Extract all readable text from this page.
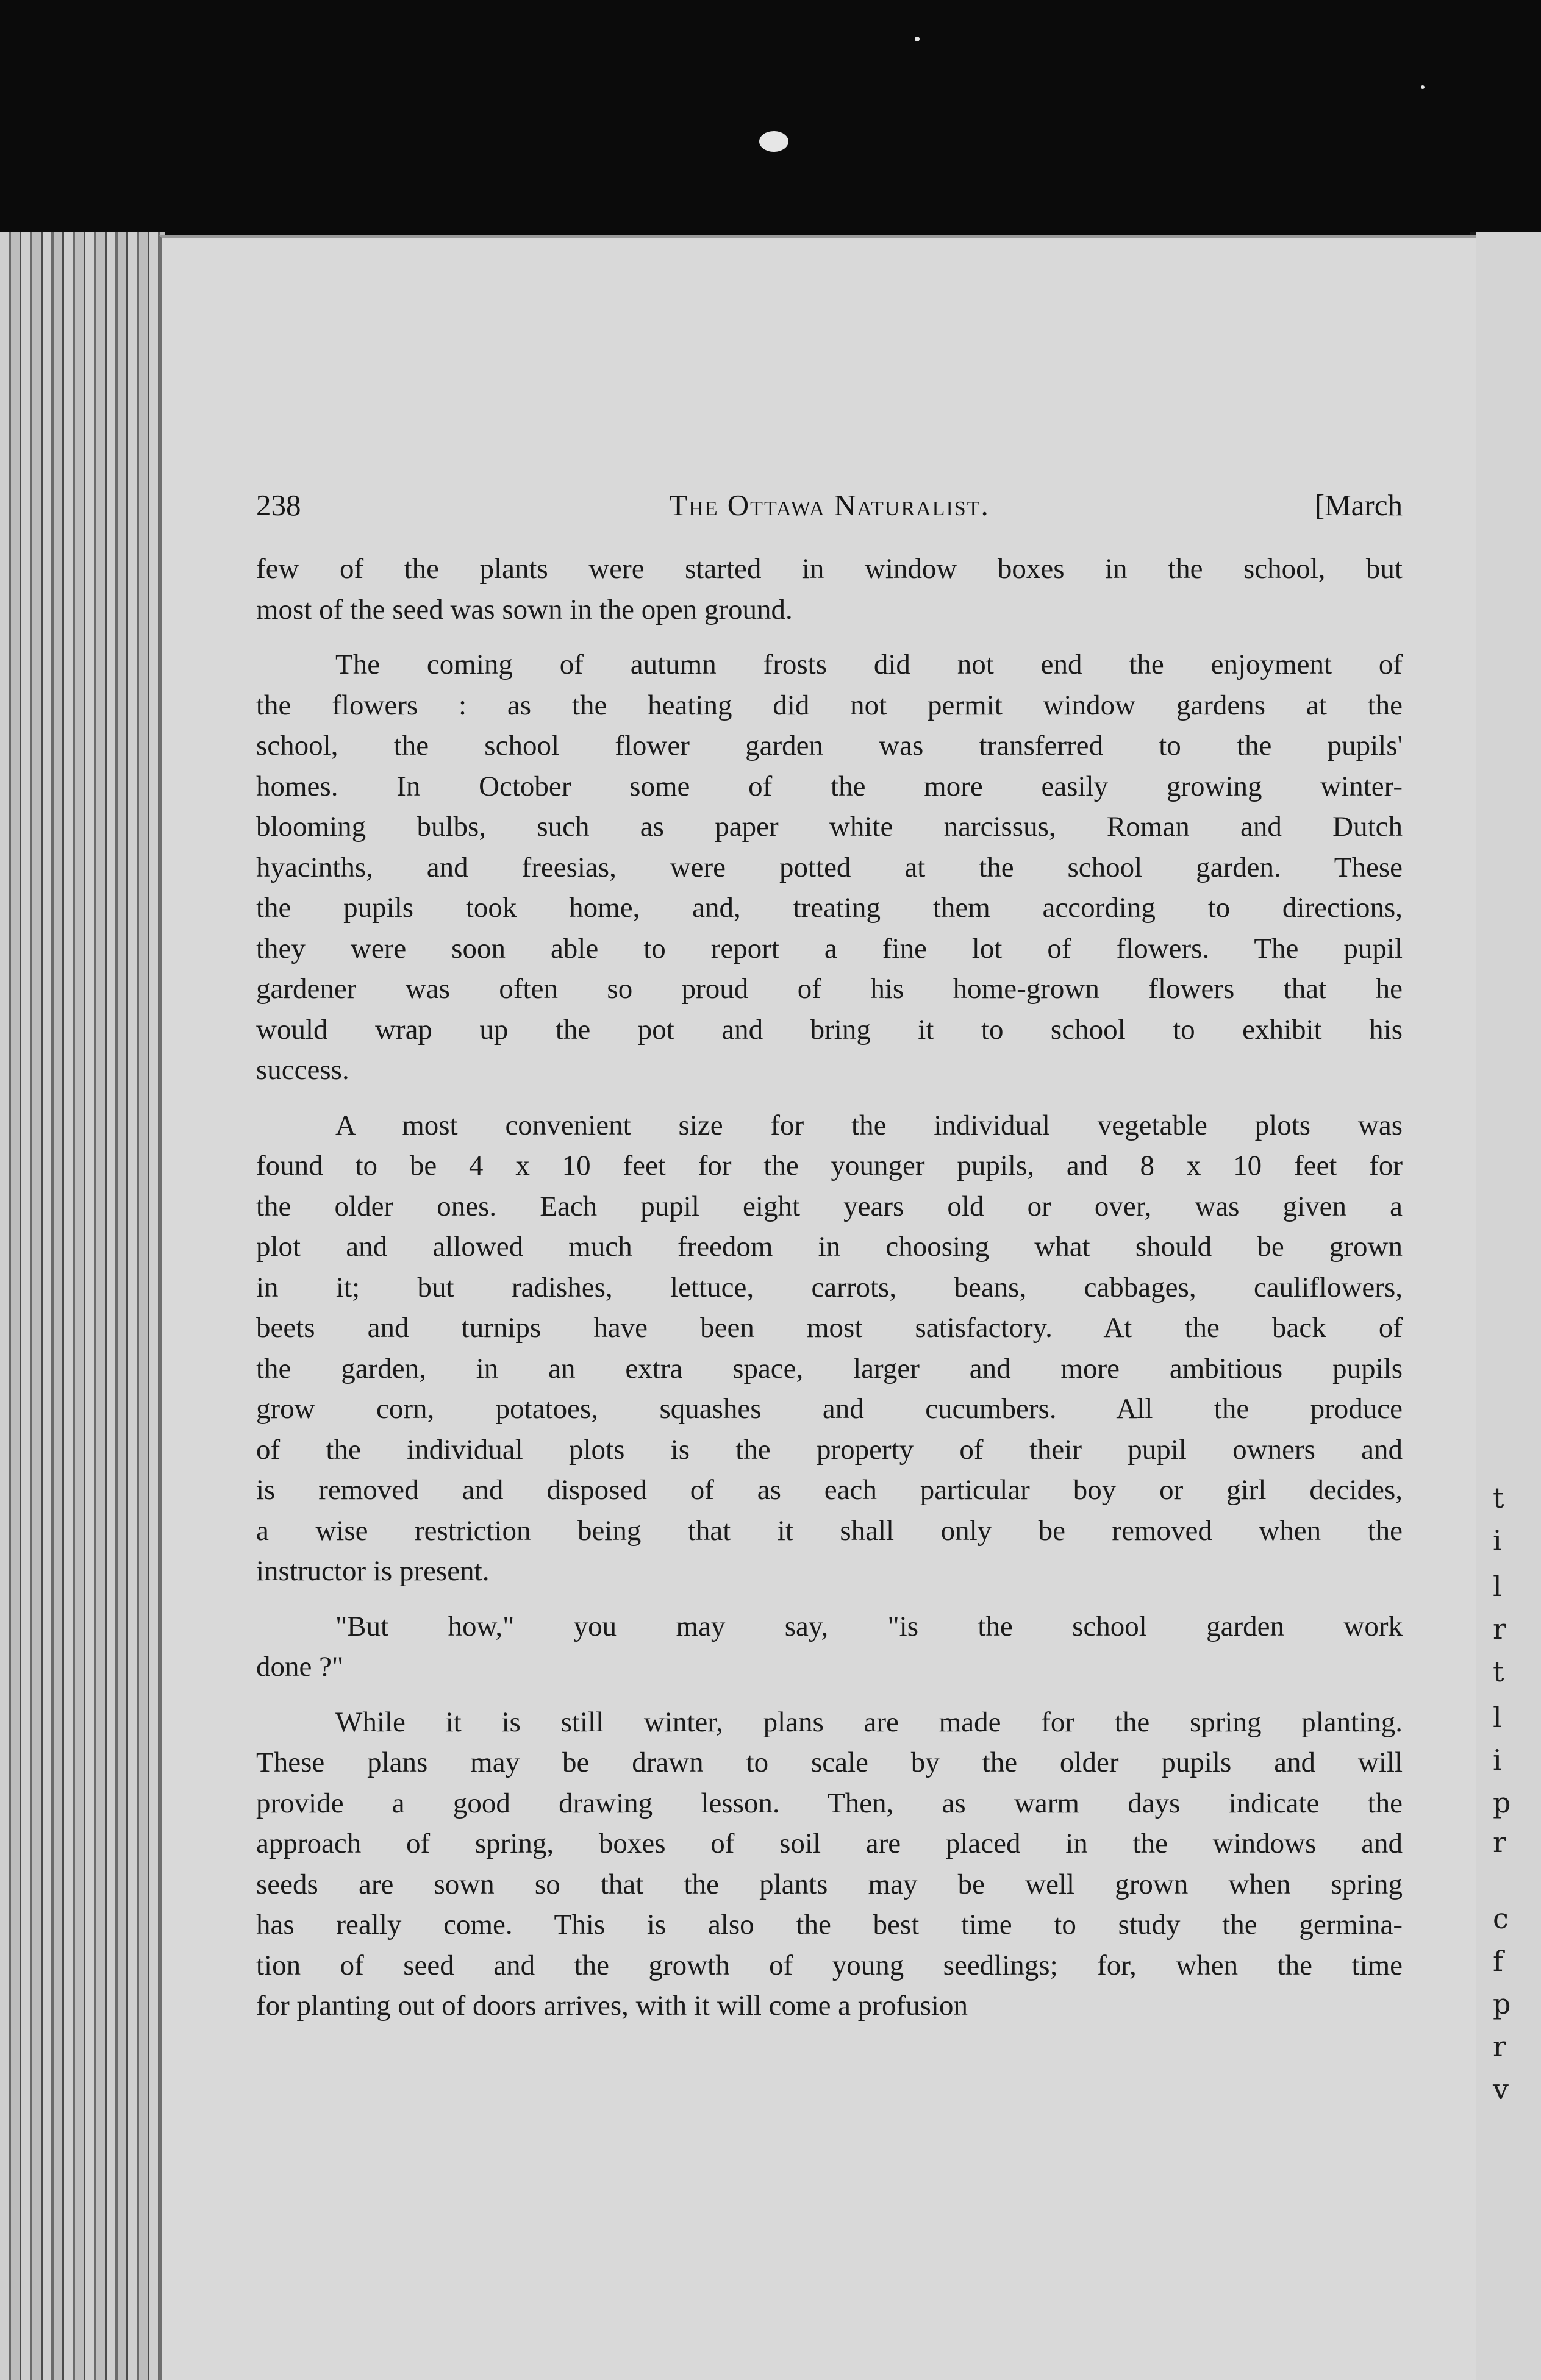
t
i
l
r
t
l
i
p
r
c
f
p
r
v
238	The Ottawa Naturalist.	[March
few of the plants were started in window boxes in the school, but
most of the seed was sown in the open ground.
The coming of autumn frosts did not end the enjoyment of
the flowers : as the heating did not permit window gardens at the
school, the school flower garden was transferred to the pupils'
homes. In October some of the more easily growing winter-
blooming bulbs, such as paper white narcissus, Roman and Dutch
hyacinths, and freesias, were potted at the school garden. These
the pupils took home, and, treating them according to directions,
they were soon able to report a fine lot of flowers. The pupil
gardener was often so proud of his home-grown flowers that he
would wrap up the pot and bring it to school to exhibit his
success.
A most convenient size for the individual vegetable plots was
found to be 4 x 10 feet for the younger pupils, and 8 x 10 feet for
the older ones. Each pupil eight years old or over, was given a
plot and allowed much freedom in choosing what should be grown
in it; but radishes, lettuce, carrots, beans, cabbages, cauliflowers,
beets and turnips have been most satisfactory. At the back of
the garden, in an extra space, larger and more ambitious pupils
grow corn, potatoes, squashes and cucumbers. All the produce
of the individual plots is the property of their pupil owners and
is removed and disposed of as each particular boy or girl decides,
a wise restriction being that it shall only be removed when the
instructor is present.
"But how," you may say, "is the school garden work
done ?"
While it is still winter, plans are made for the spring planting.
These plans may be drawn to scale by the older pupils and will
provide a good drawing lesson. Then, as warm days indicate the
approach of spring, boxes of soil are placed in the windows and
seeds are sown so that the plants may be well grown when spring
has really come. This is also the best time to study the germina-
tion of seed and the growth of young seedlings; for, when the time
for planting out of doors arrives, with it will come a profusion
